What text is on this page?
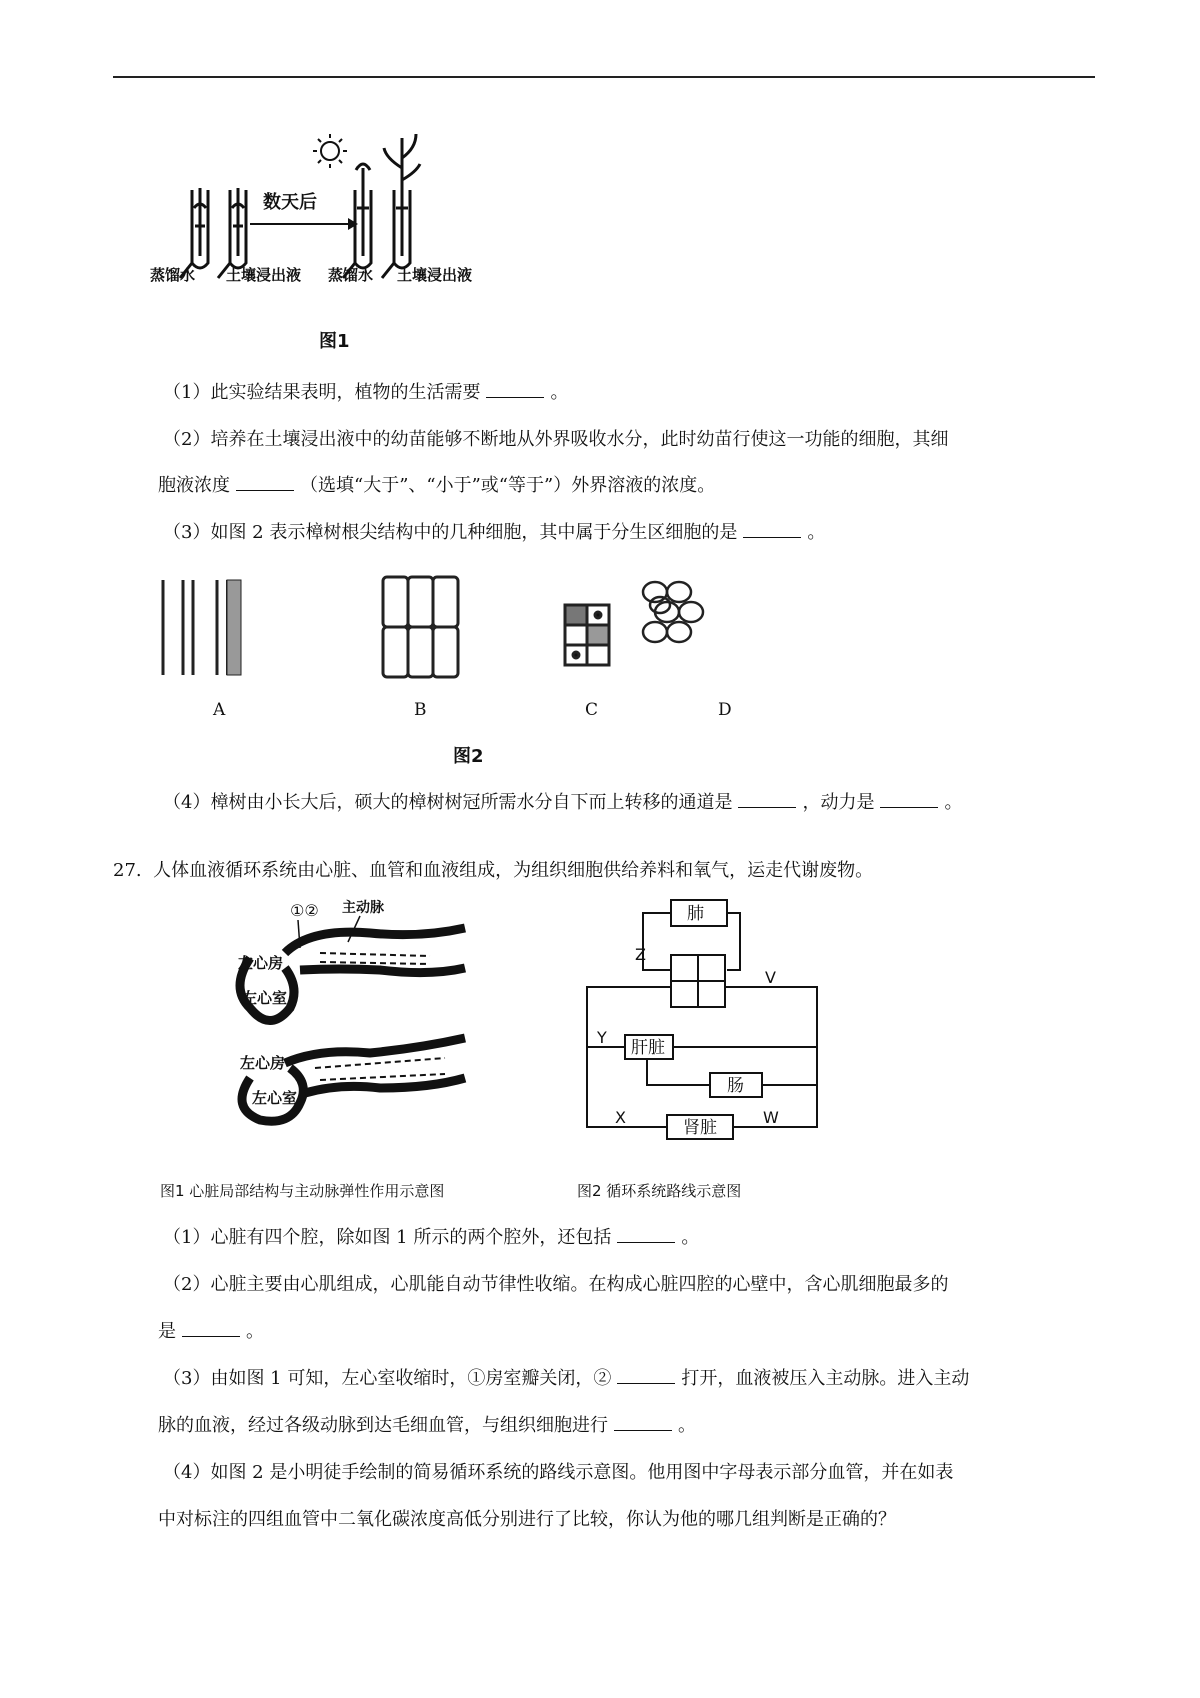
数天后
蒸馏水 土壤浸出液 蒸馏水 土壤浸出液
图1
（1）此实验结果表明，植物的生活需要	。
（2）培养在土壤浸出液中的幼苗能够不断地从外界吸收水分，此时幼苗行使这一功能的细胞，其细
胞液浓度	（选填“大于”、“小于”或“等于”）外界溶液的浓度。
（3）如图 2 表示樟树根尖结构中的几种细胞，其中属于分生区细胞的是	。
A	B	C	D
图2
（4）樟树由小长大后，硕大的樟树树冠所需水分自下而上转移的通道是	，动力是	。
27. 人体血液循环系统由心脏、血管和血液组成，为组织细胞供给养料和氧气，运走代谢废物。
①② 主动脉
左心房
左心室
左心房
左心室
肺
肝脏
肠
肾脏
Z
V
Y
X	W
图1 心脏局部结构与主动脉弹性作用示意图	图2 循环系统路线示意图
（1）心脏有四个腔，除如图 1 所示的两个腔外，还包括	。
（2）心脏主要由心肌组成，心肌能自动节律性收缩。在构成心脏四腔的心壁中，含心肌细胞最多的
是	。
（3）由如图 1 可知，左心室收缩时，①房室瓣关闭，②	打开，血液被压入主动脉。进入主动
脉的血液，经过各级动脉到达毛细血管，与组织细胞进行	。
（4）如图 2 是小明徒手绘制的简易循环系统的路线示意图。他用图中字母表示部分血管，并在如表
中对标注的四组血管中二氧化碳浓度高低分别进行了比较，你认为他的哪几组判断是正确的？
